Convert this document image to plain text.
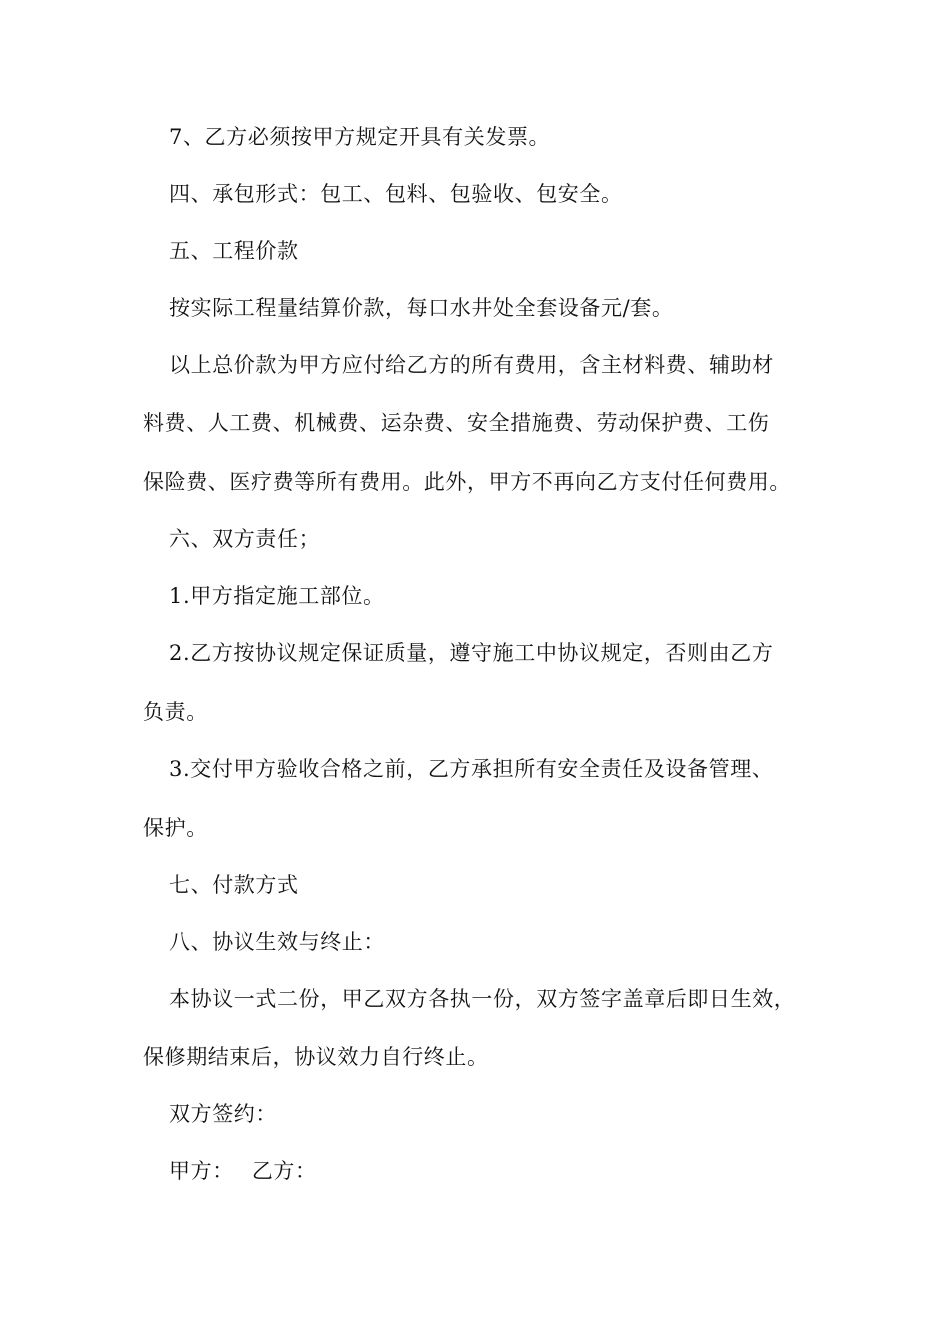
7、乙方必须按甲方规定开具有关发票。
四、承包形式：包工、包料、包验收、包安全。
五、工程价款
按实际工程量结算价款，每口水井处全套设备元/套。
以上总价款为甲方应付给乙方的所有费用，含主材料费、辅助材
料费、人工费、机械费、运杂费、安全措施费、劳动保护费、工伤
保险费、医疗费等所有费用。此外，甲方不再向乙方支付任何费用。
六、双方责任；
1.甲方指定施工部位。
2.乙方按协议规定保证质量，遵守施工中协议规定，否则由乙方
负责。
3.交付甲方验收合格之前，乙方承担所有安全责任及设备管理、
保护。
七、付款方式
八、协议生效与终止：
本协议一式二份，甲乙双方各执一份，双方签字盖章后即日生效，
保修期结束后，协议效力自行终止。
双方签约：
甲方： 乙方：
